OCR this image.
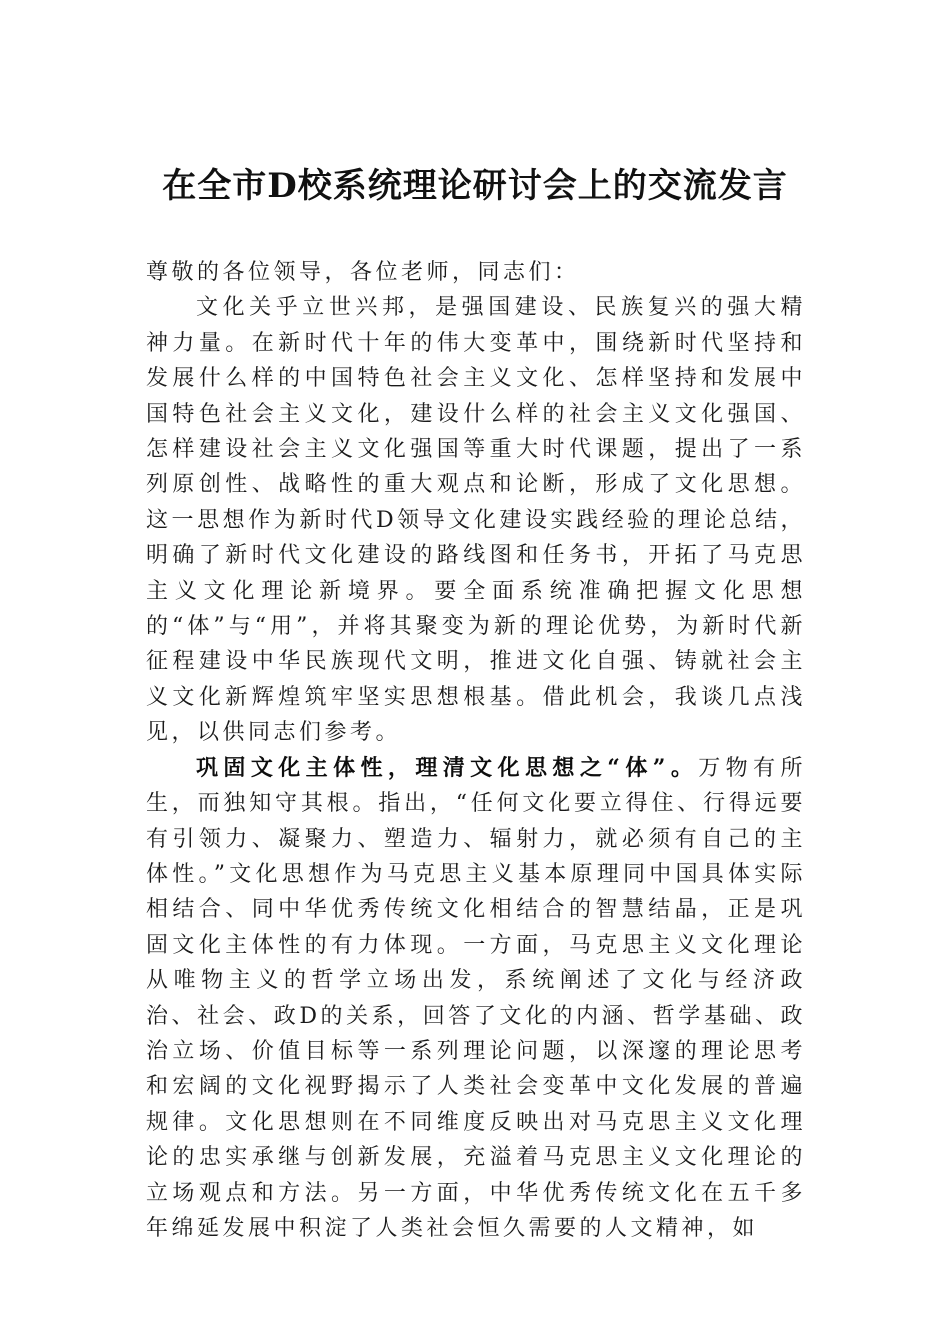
在全市D校系统理论研讨会上的交流发言

尊敬的各位领导，各位老师，同志们：

文化关乎立世兴邦，是强国建设、民族复兴的强大精神力量。在新时代十年的伟大变革中，围绕新时代坚持和发展什么样的中国特色社会主义文化、怎样坚持和发展中国特色社会主义文化，建设什么样的社会主义文化强国、怎样建设社会主义文化强国等重大时代课题，提出了一系列原创性、战略性的重大观点和论断，形成了文化思想。这一思想作为新时代D领导文化建设实践经验的理论总结，明确了新时代文化建设的路线图和任务书，开拓了马克思主义文化理论新境界。要全面系统准确把握文化思想的“体”与“用”，并将其聚变为新的理论优势，为新时代新征程建设中华民族现代文明，推进文化自强、铸就社会主义文化新辉煌筑牢坚实思想根基。借此机会，我谈几点浅见，以供同志们参考。

巩固文化主体性，理清文化思想之“体”。万物有所生，而独知守其根。指出，“任何文化要立得住、行得远要有引领力、凝聚力、塑造力、辐射力，就必须有自己的主体性。”文化思想作为马克思主义基本原理同中国具体实际相结合、同中华优秀传统文化相结合的智慧结晶，正是巩固文化主体性的有力体现。一方面，马克思主义文化理论从唯物主义的哲学立场出发，系统阐述了文化与经济政治、社会、政D的关系，回答了文化的内涵、哲学基础、政治立场、价值目标等一系列理论问题，以深邃的理论思考和宏阔的文化视野揭示了人类社会变革中文化发展的普遍规律。文化思想则在不同维度反映出对马克思主义文化理论的忠实承继与创新发展，充溢着马克思主义文化理论的立场观点和方法。另一方面，中华优秀传统文化在五千多年绵延发展中积淀了人类社会恒久需要的人文精神，如
